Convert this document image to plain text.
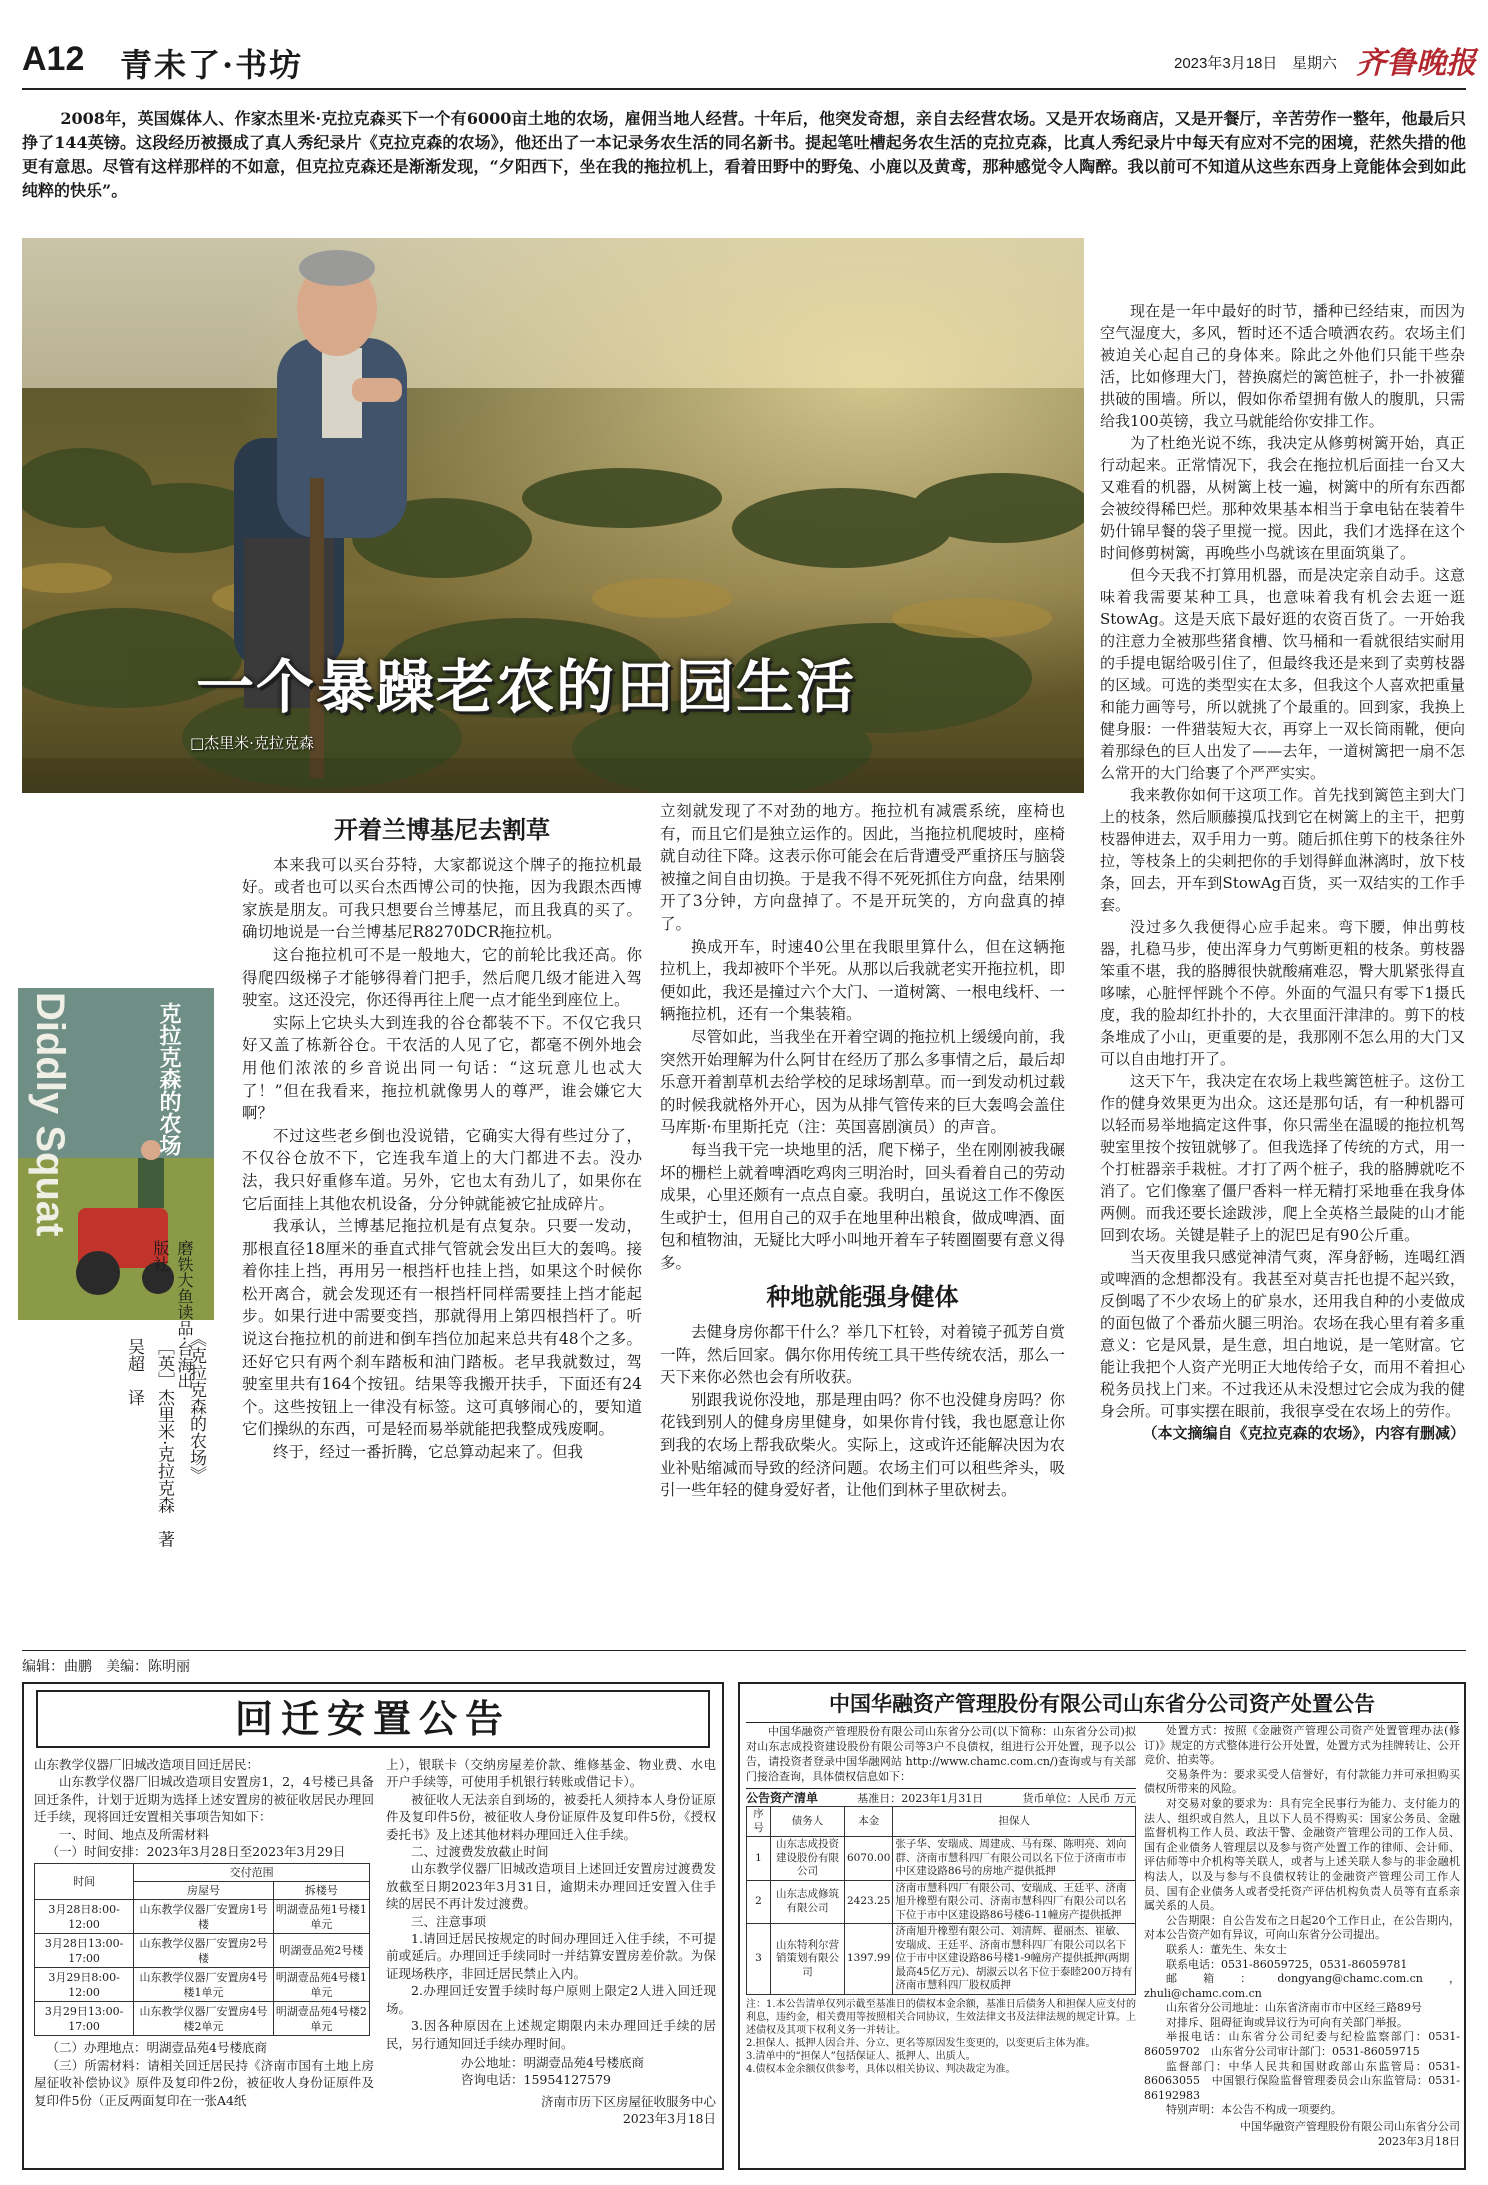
A12 青未了·书坊	2023年3月18日 星期六 齐鲁晚报
2008年，英国媒体人、作家杰里米·克拉克森买下一个有6000亩土地的农场，雇佣当地人经营。十年后，他突发奇想，亲自去经营农场。又是开农场商店，又是开餐厅，辛苦劳作一整年，他最后只挣了144英镑。这段经历被摄成了真人秀纪录片《克拉克森的农场》，他还出了一本记录务农生活的同名新书。提起笔吐槽起务农生活的克拉克森，比真人秀纪录片中每天有应对不完的困境，茫然失措的他更有意思。尽管有这样那样的不如意，但克拉克森还是渐渐发现，“夕阳西下，坐在我的拖拉机上，看着田野中的野兔、小鹿以及黄鸢，那种感觉令人陶醉。我以前可不知道从这些东西身上竟能体会到如此纯粹的快乐”。
一个暴躁老农的田园生活
□杰里米·克拉克森
Diddly Squat	克拉克森的农场
《克拉克森的农场》
［英］杰里米·克拉克森　著
吴超　译	磨铁大鱼读品·台海出版社
开着兰博基尼去割草

本来我可以买台芬特，大家都说这个牌子的拖拉机最好。或者也可以买台杰西博公司的快拖，因为我跟杰西博家族是朋友。可我只想要台兰博基尼，而且我真的买了。确切地说是一台兰博基尼R8270DCR拖拉机。

这台拖拉机可不是一般地大，它的前轮比我还高。你得爬四级梯子才能够得着门把手，然后爬几级才能进入驾驶室。这还没完，你还得再往上爬一点才能坐到座位上。

实际上它块头大到连我的谷仓都装不下。不仅它我只好又盖了栋新谷仓。干农活的人见了它，都毫不例外地会用他们浓浓的乡音说出同一句话：“这玩意儿也忒大了！”但在我看来，拖拉机就像男人的尊严，谁会嫌它大啊？

不过这些老乡倒也没说错，它确实大得有些过分了，不仅谷仓放不下，它连我车道上的大门都进不去。没办法，我只好重修车道。另外，它也太有劲儿了，如果你在它后面挂上其他农机设备，分分钟就能被它扯成碎片。

我承认，兰博基尼拖拉机是有点复杂。只要一发动，那根直径18厘米的垂直式排气管就会发出巨大的轰鸣。接着你挂上挡，再用另一根挡杆也挂上挡，如果这个时候你松开离合，就会发现还有一根挡杆同样需要挂上挡才能起步。如果行进中需要变挡，那就得用上第四根挡杆了。听说这台拖拉机的前进和倒车挡位加起来总共有48个之多。还好它只有两个刹车踏板和油门踏板。老早我就数过，驾驶室里共有164个按钮。结果等我搬开扶手，下面还有24个。这些按钮上一律没有标签。这可真够闹心的，要知道它们操纵的东西，可是轻而易举就能把我整成残废啊。

终于，经过一番折腾，它总算动起来了。但我

立刻就发现了不对劲的地方。拖拉机有减震系统，座椅也有，而且它们是独立运作的。因此，当拖拉机爬坡时，座椅就自动往下降。这表示你可能会在后背遭受严重挤压与脑袋被撞之间自由切换。于是我不得不死死抓住方向盘，结果刚开了3分钟，方向盘掉了。不是开玩笑的，方向盘真的掉了。

换成开车，时速40公里在我眼里算什么，但在这辆拖拉机上，我却被吓个半死。从那以后我就老实开拖拉机，即便如此，我还是撞过六个大门、一道树篱、一根电线杆、一辆拖拉机，还有一个集装箱。

尽管如此，当我坐在开着空调的拖拉机上缓缓向前，我突然开始理解为什么阿甘在经历了那么多事情之后，最后却乐意开着割草机去给学校的足球场割草。而一到发动机过载的时候我就格外开心，因为从排气管传来的巨大轰鸣会盖住马库斯·布里斯托克（注：英国喜剧演员）的声音。

每当我干完一块地里的活，爬下梯子，坐在刚刚被我碾坏的栅栏上就着啤酒吃鸡肉三明治时，回头看着自己的劳动成果，心里还颇有一点点自豪。我明白，虽说这工作不像医生或护士，但用自己的双手在地里种出粮食，做成啤酒、面包和植物油，无疑比大呼小叫地开着车子转圈圈要有意义得多。

种地就能强身健体

去健身房你都干什么？举几下杠铃，对着镜子孤芳自赏一阵，然后回家。偶尔你用传统工具干些传统农活，那么一天下来你必然也会有所收获。

别跟我说你没地，那是理由吗？你不也没健身房吗？你花钱到别人的健身房里健身，如果你肯付钱，我也愿意让你到我的农场上帮我砍柴火。实际上，这或许还能解决因为农业补贴缩减而导致的经济问题。农场主们可以租些斧头，吸引一些年轻的健身爱好者，让他们到林子里砍树去。

现在是一年中最好的时节，播种已经结束，而因为空气湿度大，多风，暂时还不适合喷洒农药。农场主们被迫关心起自己的身体来。除此之外他们只能干些杂活，比如修理大门，替换腐烂的篱笆桩子，扑一扑被獾拱破的围墙。所以，假如你希望拥有傲人的腹肌，只需给我100英镑，我立马就能给你安排工作。

为了杜绝光说不练，我决定从修剪树篱开始，真正行动起来。正常情况下，我会在拖拉机后面挂一台又大又难看的机器，从树篱上枝一遍，树篱中的所有东西都会被绞得稀巴烂。那种效果基本相当于拿电钻在装着牛奶什锦早餐的袋子里搅一搅。因此，我们才选择在这个时间修剪树篱，再晚些小鸟就该在里面筑巢了。

但今天我不打算用机器，而是决定亲自动手。这意味着我需要某种工具，也意味着我有机会去逛一逛StowAg。这是天底下最好逛的农资百货了。一开始我的注意力全被那些猪食槽、饮马桶和一看就很结实耐用的手提电锯给吸引住了，但最终我还是来到了卖剪枝器的区域。可选的类型实在太多，但我这个人喜欢把重量和能力画等号，所以就挑了个最重的。回到家，我换上健身服：一件猎装短大衣，再穿上一双长筒雨靴，便向着那绿色的巨人出发了——去年，一道树篱把一扇不怎么常开的大门给裹了个严严实实。

我来教你如何干这项工作。首先找到篱笆主到大门上的枝条，然后顺藤摸瓜找到它在树篱上的主干，把剪枝器伸进去，双手用力一剪。随后抓住剪下的枝条往外拉，等枝条上的尖刺把你的手划得鲜血淋漓时，放下枝条，回去，开车到StowAg百货，买一双结实的工作手套。

没过多久我便得心应手起来。弯下腰，伸出剪枝器，扎稳马步，使出浑身力气剪断更粗的枝条。剪枝器笨重不堪，我的胳膊很快就酸痛难忍，臀大肌紧张得直哆嗦，心脏怦怦跳个不停。外面的气温只有零下1摄氏度，我的脸却红扑扑的，大衣里面汗津津的。剪下的枝条堆成了小山，更重要的是，我那刚不怎么用的大门又可以自由地打开了。

这天下午，我决定在农场上栽些篱笆桩子。这份工作的健身效果更为出众。这还是那句话，有一种机器可以轻而易举地搞定这件事，你只需坐在温暖的拖拉机驾驶室里按个按钮就够了。但我选择了传统的方式，用一个打桩器亲手栽桩。才打了两个桩子，我的胳膊就吃不消了。它们像塞了僵尸香料一样无精打采地垂在我身体两侧。而我还要长途跋涉，爬上全英格兰最陡的山才能回到农场。关键是鞋子上的泥巴足有90公斤重。

当天夜里我只感觉神清气爽，浑身舒畅，连喝红酒或啤酒的念想都没有。我甚至对莫吉托也提不起兴致，反倒喝了不少农场上的矿泉水，还用我自种的小麦做成的面包做了个番茄火腿三明治。农场在我心里有着多重意义：它是风景，是生意，坦白地说，是一笔财富。它能让我把个人资产光明正大地传给子女，而用不着担心税务员找上门来。不过我还从未没想过它会成为我的健身会所。可事实摆在眼前，我很享受在农场上的劳作。

（本文摘编自《克拉克森的农场》，内容有删减）

编辑：曲鹏　美编：陈明丽
回迁安置公告
山东教学仪器厂旧城改造项目回迁居民：
山东教学仪器厂旧城改造项目安置房1，2，4号楼已具备回迁条件，计划于近期为选择上述安置房的被征收居民办理回迁手续，现将回迁安置相关事项告知如下：
一、时间、地点及所需材料
（一）时间安排：2023年3月28日至2023年3月29日
时间	交付范围	
	房屋号	拆楼号
3月28日8:00-12:00	山东教学仪器厂安置房1号楼	明湖壹品苑1号楼1单元
3月28日13:00-17:00	山东教学仪器厂安置房2号楼	明湖壹品苑2号楼
3月29日8:00-12:00	山东教学仪器厂安置房4号楼1单元	明湖壹品苑4号楼1单元
3月29日13:00-17:00	山东教学仪器厂安置房4号楼2单元	明湖壹品苑4号楼2单元
（二）办理地点：明湖壹品苑4号楼底商
（三）所需材料：请相关回迁居民持《济南市国有土地上房屋征收补偿协议》原件及复印件2份，被征收人身份证原件及复印件5份（正反两面复印在一张A4纸
上），银联卡（交纳房屋差价款、维修基金、物业费、水电开户手续等，可使用手机银行转账或借记卡）。
被征收人无法亲自到场的，被委托人须持本人身份证原件及复印件5份，被征收人身份证原件及复印件5份，《授权委托书》及上述其他材料办理回迁入住手续。
二、过渡费发放截止时间
山东教学仪器厂旧城改造项目上述回迁安置房过渡费发放截至日期2023年3月31日，逾期未办理回迁安置入住手续的居民不再计发过渡费。
三、注意事项
1.请回迁居民按规定的时间办理回迁入住手续，不可提前或延后。办理回迁手续同时一并结算安置房差价款。为保证现场秩序，非回迁居民禁止入内。
2.办理回迁安置手续时每户原则上限定2人进入回迁现场。
3.因各种原因在上述规定期限内未办理回迁手续的居民，另行通知回迁手续办理时间。
办公地址：明湖壹品苑4号楼底商
咨询电话：15954127579
济南市历下区房屋征收服务中心
2023年3月18日
中国华融资产管理股份有限公司山东省分公司资产处置公告
中国华融资产管理股份有限公司山东省分公司(以下简称：山东省分公司)拟对山东志成投资建设股份有限公司等3户不良债权，组进行公开处置，现予以公告，请投资者登录中国华融网站 http://www.chamc.com.cn/)查询或与有关部门接洽查询，具体债权信息如下：
公告资产清单	基准日：2023年1月31日	货币单位：人民币 万元
序号	债务人	本金	担保人
1	山东志成投资建设股份有限公司	6070.00	张子华、安瑞成、周建成、马有琛、陈明亮、刘向群、济南市慧科四厂有限公司以名下位于济南市市中区建设路86号的房地产提供抵押
2	山东志成修筑有限公司	2423.25	济南市慧科四厂有限公司、安瑞成、王廷平、济南旭升橡塑有限公司、济南市慧科四厂有限公司以名下位于市中区建设路86号楼6-11幢房产提供抵押
3	山东特利尔营销策划有限公司	1397.99	济南旭升橡塑有限公司、刘清辉、翟丽杰、崔敏、安瑞成、王廷平、济南市慧科四厂有限公司以名下位于市中区建设路86号楼1-9幢房产提供抵押(两期最高45亿万元)、胡淑云以名下位于泰睦200万持有济南市慧科四厂股权质押
注：1.本公告清单仅列示截至基准日的债权本金余额，基准日后债务人和担保人应支付的利息，违约金，相关费用等按照相关合同协议，生效法律文书及法律法规的规定计算。上述债权及其项下权利义务一并转让。
2.担保人、抵押人因合并、分立、更名等原因发生变更的，以变更后主体为准。
3.清单中的“担保人”包括保证人、抵押人、出质人。
4.债权本金余额仅供参考，具体以相关协议、判决裁定为准。
处置方式：按照《金融资产管理公司资产处置管理办法(修订)》规定的方式整体进行公开处置，处置方式为挂牌转让、公开竞价、拍卖等。
交易条件为：要求买受人信誉好，有付款能力并可承担购买债权所带来的风险。
对交易对象的要求为：具有完全民事行为能力、支付能力的法人、组织或自然人，且以下人员不得购买：国家公务员、金融监督机构工作人员、政法干警、金融资产管理公司的工作人员、国有企业债务人管理层以及参与资产处置工作的律师、会计师、评估师等中介机构等关联人，或者与上述关联人参与的非金融机构法人，以及与参与不良债权转让的金融资产管理公司工作人员、国有企业债务人或者受托资产评估机构负责人员等有直系亲属关系的人员。
公告期限：自公告发布之日起20个工作日止，在公告期内，对本公告资产如有异议，可向山东省分公司提出。
联系人：董先生、朱女士
联系电话：0531-86059725，0531-86059781
邮箱：dongyang@chamc.com.cn，zhuli@chamc.com.cn
山东省分公司地址：山东省济南市市中区经三路89号
对排斥、阻碍征询或异议行为可向有关部门举报。
举报电话：山东省分公司纪委与纪检监察部门：0531-86059702　山东省分公司审计部门：0531-86059715
监督部门：中华人民共和国财政部山东监管局：0531-86063055　中国银行保险监督管理委员会山东监管局：0531-86192983
特别声明：本公告不构成一项要约。
中国华融资产管理股份有限公司山东省分公司
2023年3月18日
